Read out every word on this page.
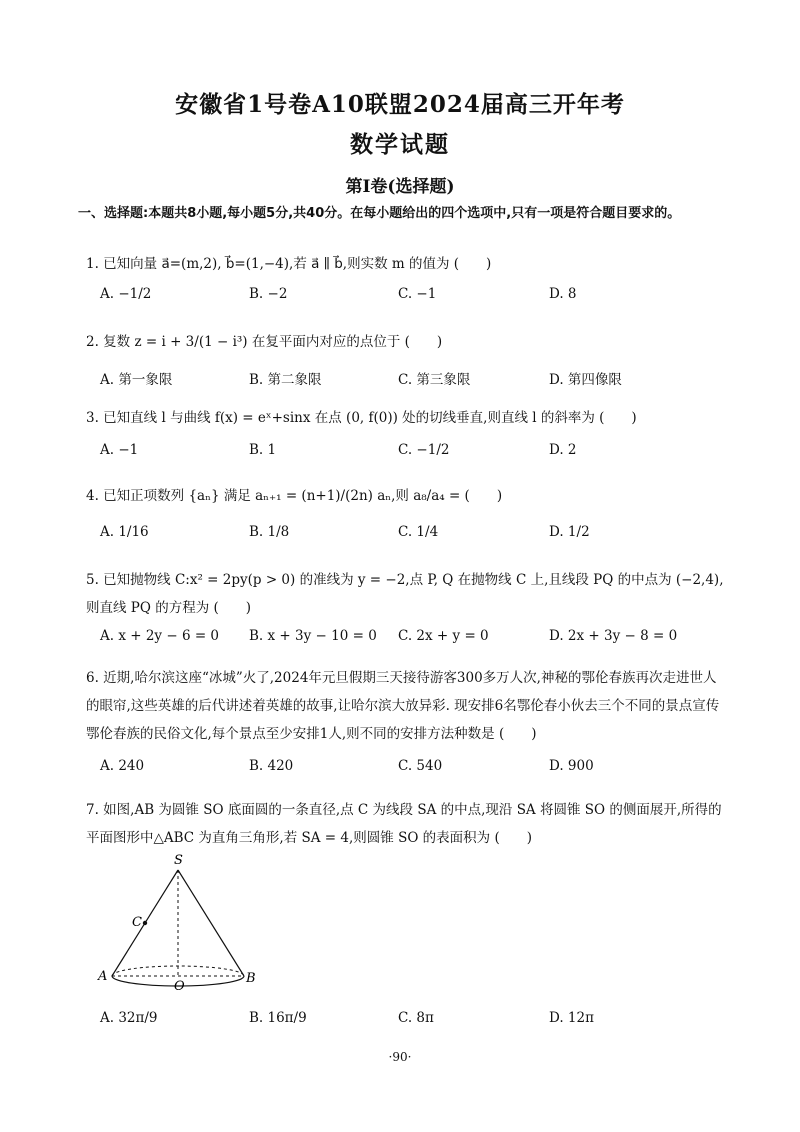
安徽省1号卷A10联盟2024届高三开年考
数学试题
第Ⅰ卷(选择题)
一、选择题:本题共8小题,每小题5分,共40分。在每小题给出的四个选项中,只有一项是符合题目要求的。
1. 已知向量 a⃗=(m,2), b⃗=(1,−4),若 a⃗ ∥ b⃗,则实数 m 的值为 (　　)
A. −1/2	B. −2	C. −1	D. 8
2. 复数 z = i + 3/(1 − i³) 在复平面内对应的点位于 (　　)
A. 第一象限	B. 第二象限	C. 第三象限	D. 第四像限
3. 已知直线 l 与曲线 f(x) = eˣ+sinx 在点 (0, f(0)) 处的切线垂直,则直线 l 的斜率为 (　　)
A. −1	B. 1	C. −1/2	D. 2
4. 已知正项数列 {aₙ} 满足 aₙ₊₁ = (n+1)/(2n) aₙ,则 a₈/a₄ = (　　)
A. 1/16	B. 1/8	C. 1/4	D. 1/2
5. 已知抛物线 C:x² = 2py(p > 0) 的准线为 y = −2,点 P, Q 在抛物线 C 上,且线段 PQ 的中点为 (−2,4),则直线 PQ 的方程为 (　　)
A. x + 2y − 6 = 0 B. x + 3y − 10 = 0 C. 2x + y = 0	D. 2x + 3y − 8 = 0
6. 近期,哈尔滨这座“冰城”火了,2024年元旦假期三天接待游客300多万人次,神秘的鄂伦春族再次走进世人的眼帘,这些英雄的后代讲述着英雄的故事,让哈尔滨大放异彩. 现安排6名鄂伦春小伙去三个不同的景点宣传鄂伦春族的民俗文化,每个景点至少安排1人,则不同的安排方法种数是 (　　)
A. 240	B. 420	C. 540	D. 900
7. 如图,AB 为圆锥 SO 底面圆的一条直径,点 C 为线段 SA 的中点,现沿 SA 将圆锥 SO 的侧面展开,所得的平面图形中△ABC 为直角三角形,若 SA = 4,则圆锥 SO 的表面积为 (　　)
S
C
A	B
O
A. 32π/9	B. 16π/9	C. 8π	D. 12π
·90·
